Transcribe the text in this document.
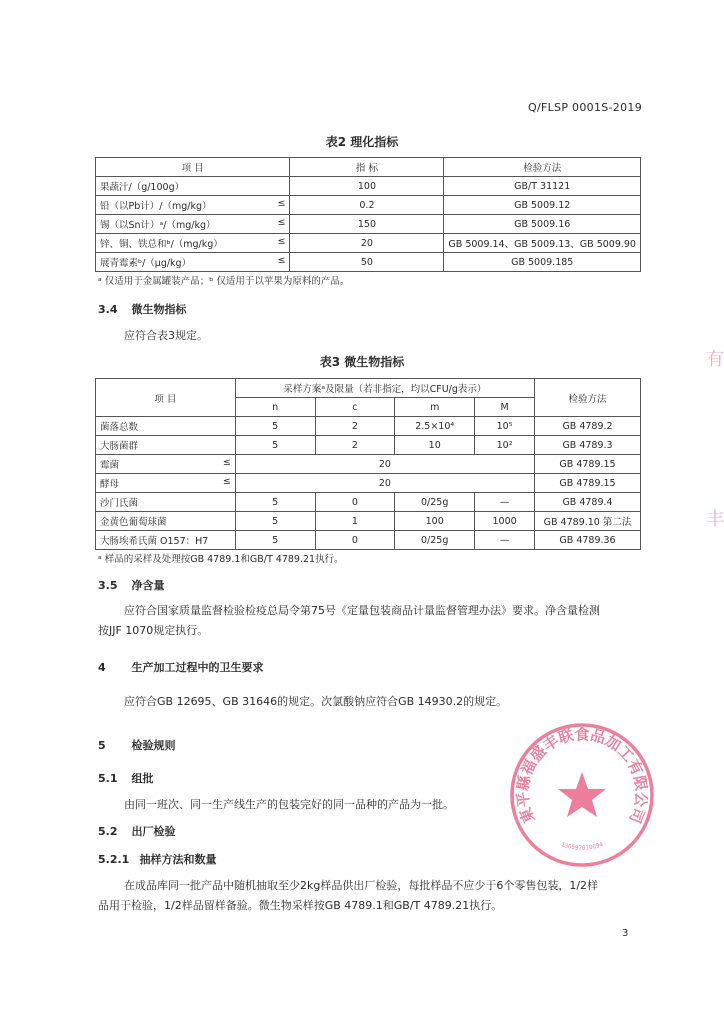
Q/FLSP 0001S-2019
表2 理化指标
项 目	指 标	检验方法
果蔬汁/（g/100g）	100	GB/T 31121
铅（以Pb计）/（mg/kg） ≤	0.2	GB 5009.12
锡（以Sn计）ᵃ/（mg/kg） ≤	150	GB 5009.16
锌、铜、铁总和ᵇ/（mg/kg） ≤	20	GB 5009.14、GB 5009.13、GB 5009.90
展青霉素ᵇ/（μg/kg） ≤	50	GB 5009.185
ᵃ 仅适用于金属罐装产品；ᵇ 仅适用于以苹果为原料的产品。
3.4 微生物指标
应符合表3规定。
表3 微生物指标
项 目	采样方案ᵃ及限量（若非指定，均以CFU/g表示）				检验方法
	n	c	m	M	
菌落总数	5	2	2.5×10⁴	10⁵	GB 4789.2
大肠菌群	5	2	10	10²	GB 4789.3
霉菌 ≤	20				GB 4789.15
酵母 ≤	20				GB 4789.15
沙门氏菌	5	0	0/25g	—	GB 4789.4
金黄色葡萄球菌	5	1	100	1000	GB 4789.10 第二法
大肠埃希氏菌 O157：H7	5	0	0/25g	—	GB 4789.36
ᵃ 样品的采样及处理按GB 4789.1和GB/T 4789.21执行。
3.5 净含量
应符合国家质量监督检验检疫总局令第75号《定量包装商品计量监督管理办法》要求。净含量检测
按JJF 1070规定执行。
4 生产加工过程中的卫生要求
应符合GB 12695、GB 31646的规定。次氯酸钠应符合GB 14930.2的规定。
5 检验规则
5.1 组批
由同一班次、同一生产线生产的包装完好的同一品种的产品为一批。
5.2 出厂检验
5.2.1 抽样方法和数量
在成品库同一批产品中随机抽取至少2kg样品供出厂检验，每批样品不应少于6个零售包装，1/2样
品用于检验，1/2样品留样备验。微生物采样按GB 4789.1和GB/T 4789.21执行。
東平縣福盛丰联食品加工有限公司
130597010694
有
丰
3
